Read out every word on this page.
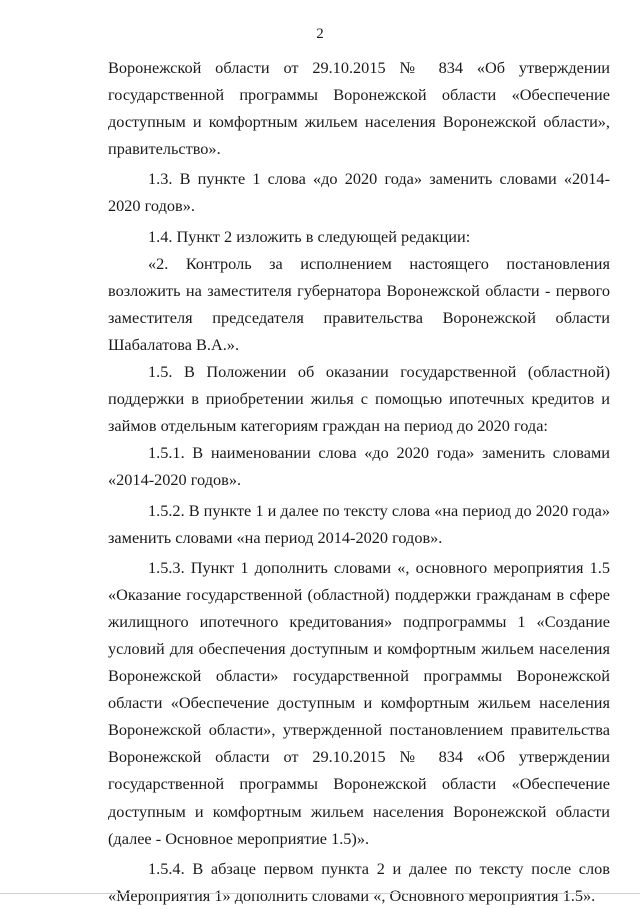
2

Воронежской области от 29.10.2015 № 834 «Об утверждении государственной программы Воронежской области «Обеспечение доступным и комфортным жильем населения Воронежской области», правительство».

1.3. В пункте 1 слова «до 2020 года» заменить словами «2014-2020 годов».

1.4. Пункт 2 изложить в следующей редакции:

«2. Контроль за исполнением настоящего постановления возложить на заместителя губернатора Воронежской области - первого заместителя председателя правительства Воронежской области Шабалатова В.А.».

1.5. В Положении об оказании государственной (областной) поддержки в приобретении жилья с помощью ипотечных кредитов и займов отдельным категориям граждан на период до 2020 года:

1.5.1. В наименовании слова «до 2020 года» заменить словами «2014-2020 годов».

1.5.2. В пункте 1 и далее по тексту слова «на период до 2020 года» заменить словами «на период 2014-2020 годов».

1.5.3. Пункт 1 дополнить словами «, основного мероприятия 1.5 «Оказание государственной (областной) поддержки гражданам в сфере жилищного ипотечного кредитования» подпрограммы 1 «Создание условий для обеспечения доступным и комфортным жильем населения Воронежской области» государственной программы Воронежской области «Обеспечение доступным и комфортным жильем населения Воронежской области», утвержденной постановлением правительства Воронежской области от 29.10.2015 № 834 «Об утверждении государственной программы Воронежской области «Обеспечение доступным и комфортным жильем населения Воронежской области (далее - Основное мероприятие 1.5)».

1.5.4. В абзаце первом пункта 2 и далее по тексту после слов «Мероприятия 1» дополнить словами «, Основного мероприятия 1.5».
